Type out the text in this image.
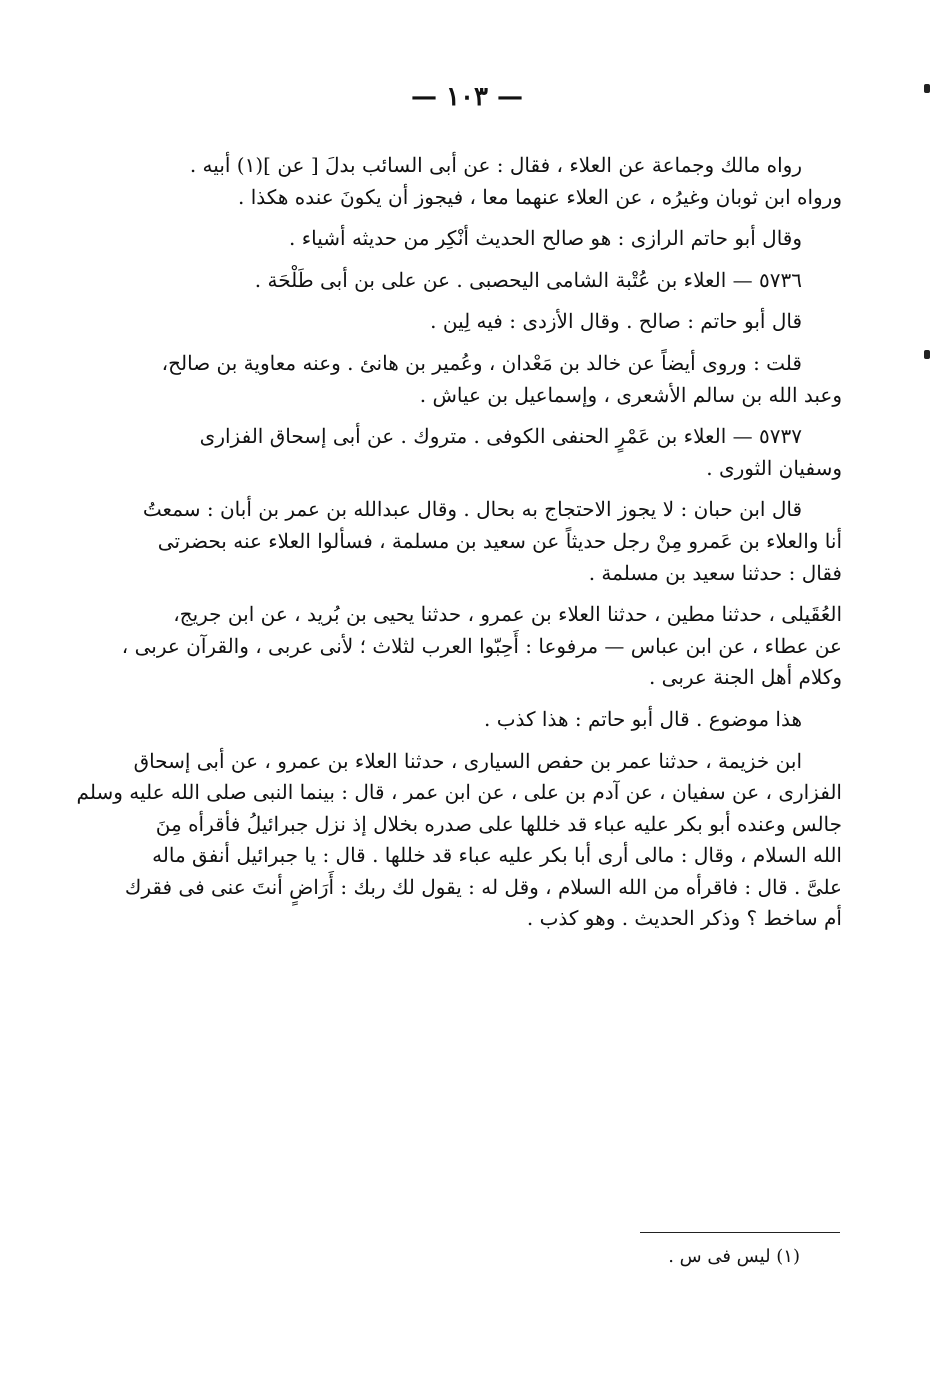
— ١٠٣ —
رواه مالك وجماعة عن العلاء ، فقال : عن أبى السائب بدلَ [ عن ](١) أبيه .
ورواه ابن ثوبان وغيرُه ، عن العلاء عنهما معا ، فيجوز أن يكونَ عنده هكذا .
وقال أبو حاتم الرازى : هو صالح الحديث أنْكِر من حديثه أشياء .
٥٧٣٦ — العلاء بن عُتْبة الشامى اليحصبى . عن على بن أبى طَلْحَة .
قال أبو حاتم : صالح . وقال الأزدى : فيه لِين .
قلت : وروى أيضاً عن خالد بن مَعْدان ، وعُمير بن هانئ . وعنه معاوية بن صالح،
وعبد الله بن سالم الأشعرى ، وإسماعيل بن عياش .
٥٧٣٧ — العلاء بن عَمْرٍ الحنفى الكوفى . متروك . عن أبى إسحاق الفزارى
وسفيان الثورى .
قال ابن حبان : لا يجوز الاحتجاج به بحال . وقال عبدالله بن عمر بن أبان : سمعتُ
أنا والعلاء بن عَمرو مِنْ رجل حديثاً عن سعيد بن مسلمة ، فسألوا العلاء عنه بحضرتى
فقال : حدثنا سعيد بن مسلمة .
العُقَيلى ، حدثنا مطين ، حدثنا العلاء بن عمرو ، حدثنا يحيى بن بُريد ، عن ابن جريج،
عن عطاء ، عن ابن عباس — مرفوعا : أَحِبّوا العرب لثلاث ؛ لأنى عربى ، والقرآن عربى ،
وكلام أهل الجنة عربى .
هذا موضوع . قال أبو حاتم : هذا كذب .
ابن خزيمة ، حدثنا عمر بن حفص السيارى ، حدثنا العلاء بن عمرو ، عن أبى إسحاق
الفزارى ، عن سفيان ، عن آدم بن على ، عن ابن عمر ، قال : بينما النبى صلى الله عليه وسلم
جالس وعنده أبو بكر عليه عباء قد خللها على صدره بخلال إذ نزل جبرائيلُ فأقرأه مِنَ
الله السلام ، وقال : مالى أرى أبا بكر عليه عباء قد خللها . قال : يا جبرائيل أنفق ماله
علىَّ . قال : فاقرأه من الله السلام ، وقل له : يقول لك ربك : أَرَاضٍ أنتَ عنى فى فقرك
أم ساخط ؟ وذكر الحديث . وهو كذب .
(١) ليس فى س .
